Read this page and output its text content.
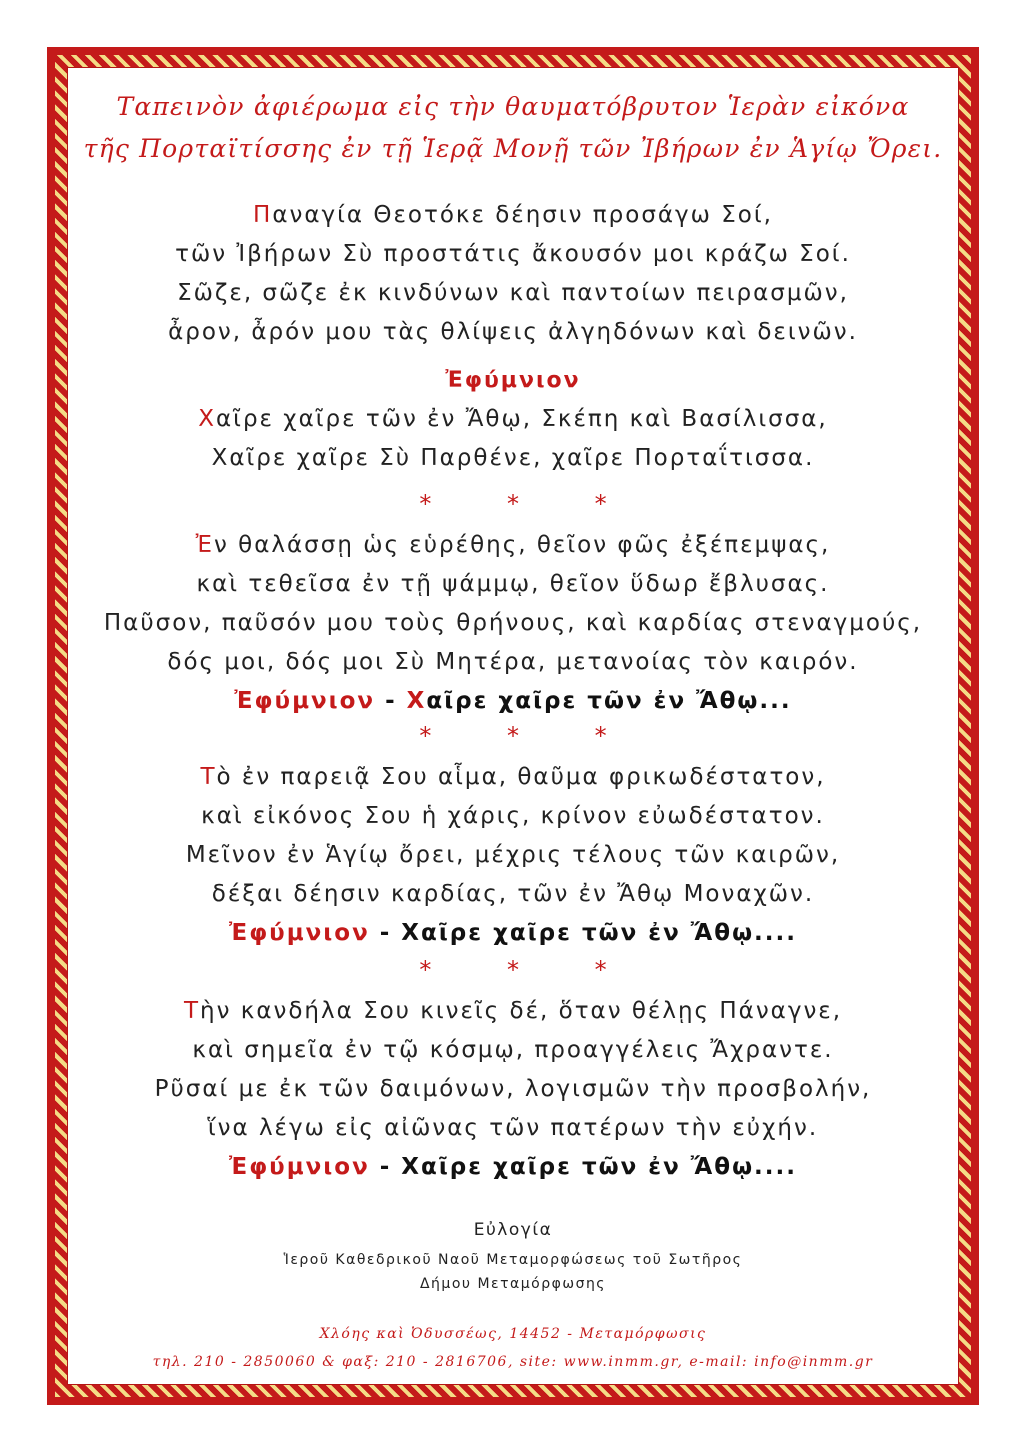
Ταπεινὸν ἀφιέρωμα εἰς τὴν θαυματόβρυτον Ἱερὰν εἰκόνα
τῆς Πορταϊτίσσης ἐν τῇ Ἱερᾷ Μονῇ τῶν Ἰβήρων ἐν Ἁγίῳ Ὄρει.
Παναγία Θεοτόκε δέησιν προσάγω Σοί,
τῶν Ἰβήρων Σὺ προστάτις ἄκουσόν μοι κράζω Σοί.
Σῶζε, σῶζε ἐκ κινδύνων καὶ παντοίων πειρασμῶν,
ἆρον, ἆρόν μου τὰς θλίψεις ἀλγηδόνων καὶ δεινῶν.
Ἐφύμνιον
Χαῖρε χαῖρε τῶν ἐν Ἄθῳ, Σκέπη καὶ Βασίλισσα,
Χαῖρε χαῖρε Σὺ Παρθένε, χαῖρε Πορταΐτισσα.
* * *
Ἐν θαλάσσῃ ὡς εὑρέθης, θεῖον φῶς ἐξέπεμψας,
καὶ τεθεῖσα ἐν τῇ ψάμμῳ, θεῖον ὕδωρ ἔβλυσας.
Παῦσον, παῦσόν μου τοὺς θρήνους, καὶ καρδίας στεναγμούς,
δός μοι, δός μοι Σὺ Μητέρα, μετανοίας τὸν καιρόν.
Ἐφύμνιον - Χαῖρε χαῖρε τῶν ἐν Ἄθῳ...
* * *
Τὸ ἐν παρειᾷ Σου αἷμα, θαῦμα φρικωδέστατον,
καὶ εἰκόνος Σου ἡ χάρις, κρίνον εὐωδέστατον.
Μεῖνον ἐν Ἁγίῳ ὄρει, μέχρις τέλους τῶν καιρῶν,
δέξαι δέησιν καρδίας, τῶν ἐν Ἄθῳ Μοναχῶν.
Ἐφύμνιον - Χαῖρε χαῖρε τῶν ἐν Ἄθῳ....
* * *
Τὴν κανδήλα Σου κινεῖς δέ, ὅταν θέλῃς Πάναγνε,
καὶ σημεῖα ἐν τῷ κόσμῳ, προαγγέλεις Ἄχραντε.
Ρῦσαί με ἐκ τῶν δαιμόνων, λογισμῶν τὴν προσβολήν,
ἵνα λέγω εἰς αἰῶνας τῶν πατέρων τὴν εὐχήν.
Ἐφύμνιον - Χαῖρε χαῖρε τῶν ἐν Ἄθῳ....
Εὐλογία
Ἱεροῦ Καθεδρικοῦ Ναοῦ Μεταμορφώσεως τοῦ Σωτῆρος
Δήμου Μεταμόρφωσης
Χλόης καὶ Ὀδυσσέως, 14452 - Μεταμόρφωσις
τηλ. 210 - 2850060 & φαξ: 210 - 2816706, site: www.inmm.gr, e-mail: info@inmm.gr
